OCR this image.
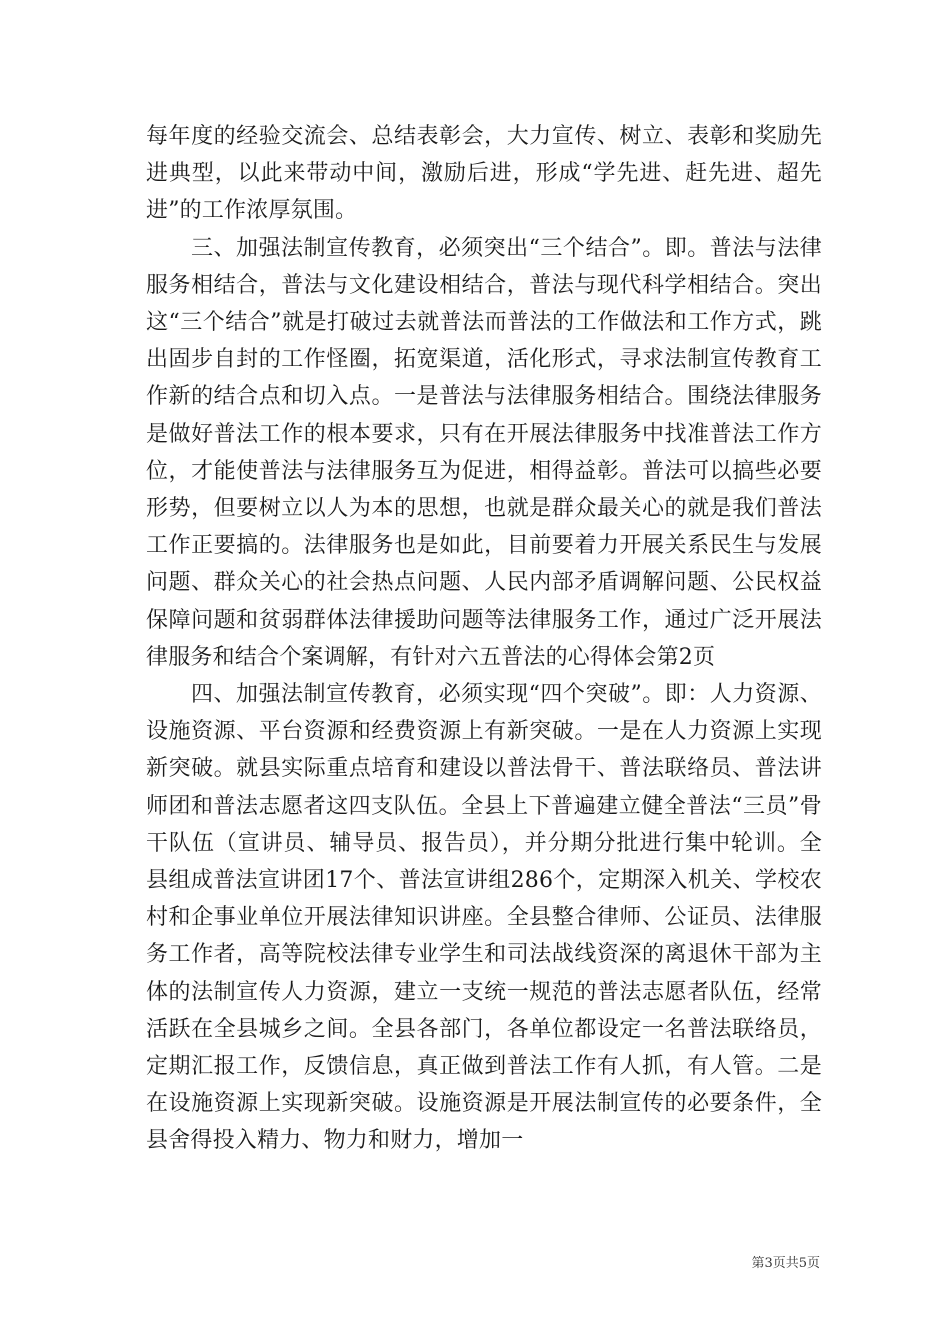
每年度的经验交流会、总结表彰会，大力宣传、树立、表彰和奖励先进典型，以此来带动中间，激励后进，形成“学先进、赶先进、超先进”的工作浓厚氛围。

三、加强法制宣传教育，必须突出“三个结合”。即。普法与法律服务相结合，普法与文化建设相结合，普法与现代科学相结合。突出这“三个结合”就是打破过去就普法而普法的工作做法和工作方式，跳出固步自封的工作怪圈，拓宽渠道，活化形式，寻求法制宣传教育工作新的结合点和切入点。一是普法与法律服务相结合。围绕法律服务是做好普法工作的根本要求，只有在开展法律服务中找准普法工作方位，才能使普法与法律服务互为促进，相得益彰。普法可以搞些必要形势，但要树立以人为本的思想，也就是群众最关心的就是我们普法工作正要搞的。法律服务也是如此，目前要着力开展关系民生与发展问题、群众关心的社会热点问题、人民内部矛盾调解问题、公民权益保障问题和贫弱群体法律援助问题等法律服务工作，通过广泛开展法律服务和结合个案调解，有针对六五普法的心得体会第2页

四、加强法制宣传教育，必须实现“四个突破”。即：人力资源、设施资源、平台资源和经费资源上有新突破。一是在人力资源上实现新突破。就县实际重点培育和建设以普法骨干、普法联络员、普法讲师团和普法志愿者这四支队伍。全县上下普遍建立健全普法“三员”骨干队伍（宣讲员、辅导员、报告员），并分期分批进行集中轮训。全县组成普法宣讲团17个、普法宣讲组286个，定期深入机关、学校农村和企事业单位开展法律知识讲座。全县整合律师、公证员、法律服务工作者，高等院校法律专业学生和司法战线资深的离退休干部为主体的法制宣传人力资源，建立一支统一规范的普法志愿者队伍，经常活跃在全县城乡之间。全县各部门，各单位都设定一名普法联络员，定期汇报工作，反馈信息，真正做到普法工作有人抓，有人管。二是在设施资源上实现新突破。设施资源是开展法制宣传的必要条件，全县舍得投入精力、物力和财力，增加一

第3页共5页
